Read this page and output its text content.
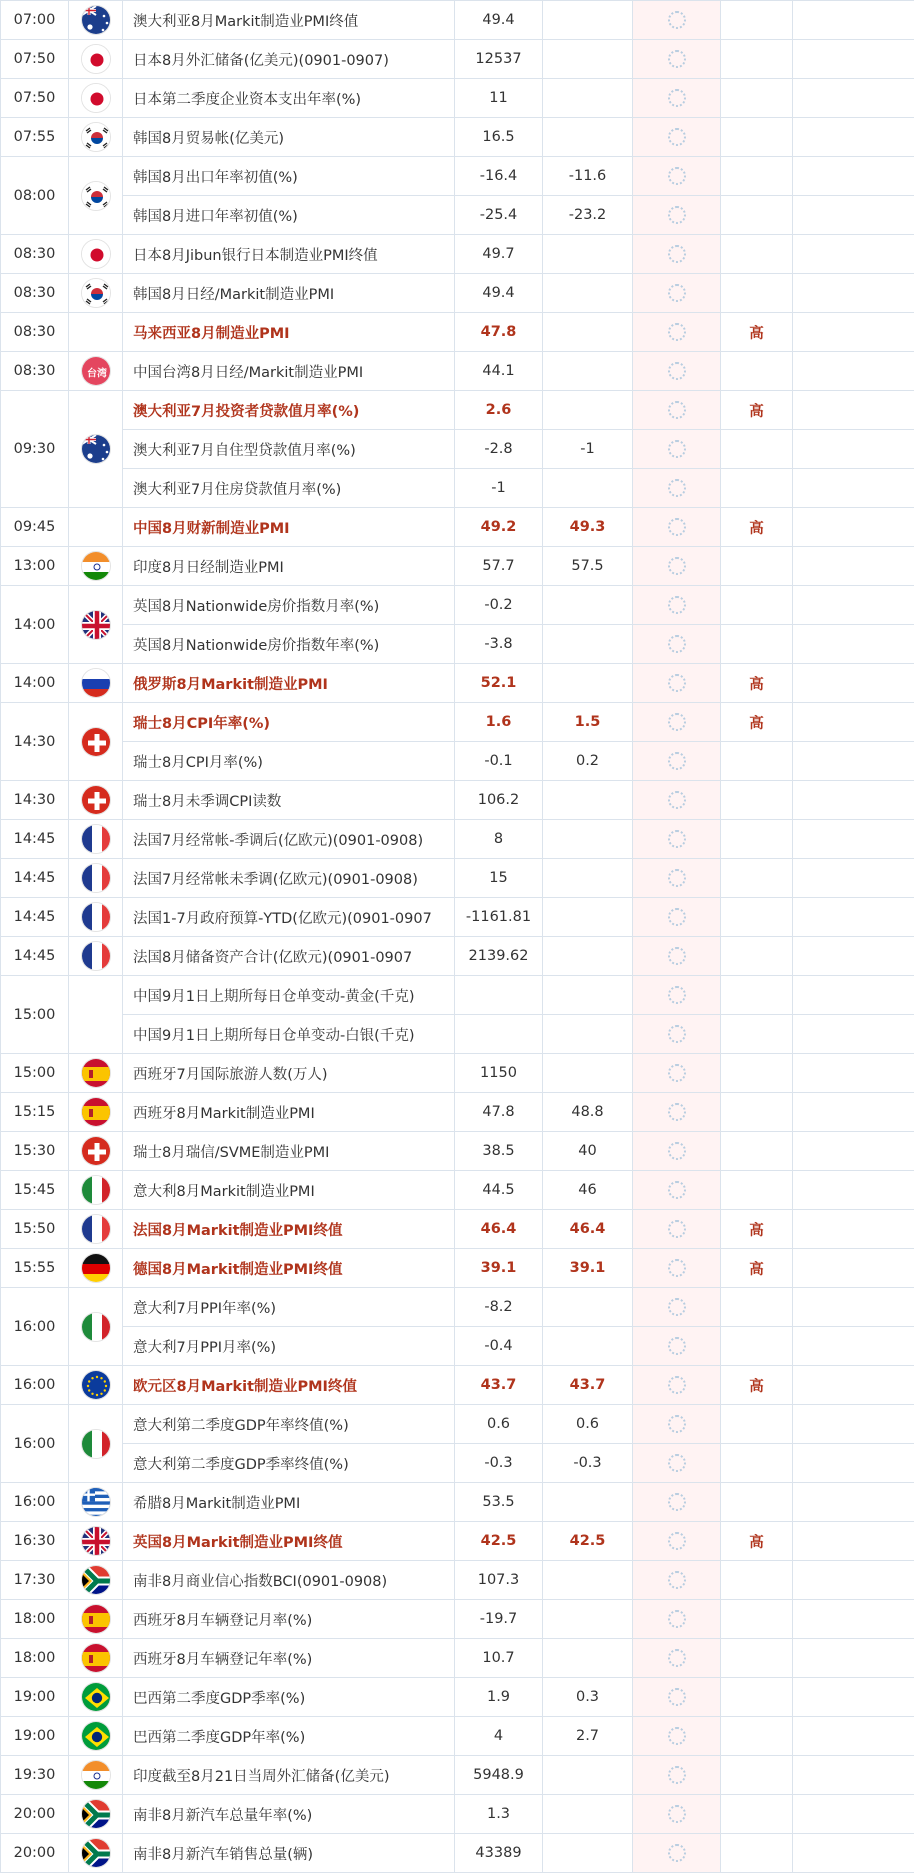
07:00		澳大利亚8月Markit制造业PMI终值	49.4				
07:50		日本8月外汇储备(亿美元)(0901-0907)	12537				
07:50		日本第二季度企业资本支出年率(%)	11				
07:55		韩国8月贸易帐(亿美元)	16.5				
08:00		韩国8月出口年率初值(%)	-16.4	-11.6			
		韩国8月进口年率初值(%)	-25.4	-23.2			
08:30		日本8月Jibun银行日本制造业PMI终值	49.7				
08:30		韩国8月日经/Markit制造业PMI	49.4				
08:30		马来西亚8月制造业PMI	47.8			高	
08:30	台湾	中国台湾8月日经/Markit制造业PMI	44.1				
09:30		澳大利亚7月投资者贷款值月率(%)	2.6			高	
		澳大利亚7月自住型贷款值月率(%)	-2.8	-1			
		澳大利亚7月住房贷款值月率(%)	-1				
09:45		中国8月财新制造业PMI	49.2	49.3		高	
13:00		印度8月日经制造业PMI	57.7	57.5			
14:00		英国8月Nationwide房价指数月率(%)	-0.2				
		英国8月Nationwide房价指数年率(%)	-3.8				
14:00		俄罗斯8月Markit制造业PMI	52.1			高	
14:30		瑞士8月CPI年率(%)	1.6	1.5		高	
		瑞士8月CPI月率(%)	-0.1	0.2			
14:30		瑞士8月未季调CPI读数	106.2				
14:45		法国7月经常帐-季调后(亿欧元)(0901-0908)	8				
14:45		法国7月经常帐未季调(亿欧元)(0901-0908)	15				
14:45		法国1-7月政府预算-YTD(亿欧元)(0901-0907	-1161.81				
14:45		法国8月储备资产合计(亿欧元)(0901-0907	2139.62				
15:00		中国9月1日上期所每日仓单变动-黄金(千克)					
		中国9月1日上期所每日仓单变动-白银(千克)					
15:00		西班牙7月国际旅游人数(万人)	1150				
15:15		西班牙8月Markit制造业PMI	47.8	48.8			
15:30		瑞士8月瑞信/SVME制造业PMI	38.5	40			
15:45		意大利8月Markit制造业PMI	44.5	46			
15:50		法国8月Markit制造业PMI终值	46.4	46.4		高	
15:55		德国8月Markit制造业PMI终值	39.1	39.1		高	
16:00		意大利7月PPI年率(%)	-8.2				
		意大利7月PPI月率(%)	-0.4				
16:00		欧元区8月Markit制造业PMI终值	43.7	43.7		高	
16:00		意大利第二季度GDP年率终值(%)	0.6	0.6			
		意大利第二季度GDP季率终值(%)	-0.3	-0.3			
16:00		希腊8月Markit制造业PMI	53.5				
16:30		英国8月Markit制造业PMI终值	42.5	42.5		高	
17:30		南非8月商业信心指数BCI(0901-0908)	107.3				
18:00		西班牙8月车辆登记月率(%)	-19.7				
18:00		西班牙8月车辆登记年率(%)	10.7				
19:00		巴西第二季度GDP季率(%)	1.9	0.3			
19:00		巴西第二季度GDP年率(%)	4	2.7			
19:30		印度截至8月21日当周外汇储备(亿美元)	5948.9				
20:00		南非8月新汽车总量年率(%)	1.3				
20:00		南非8月新汽车销售总量(辆)	43389				
